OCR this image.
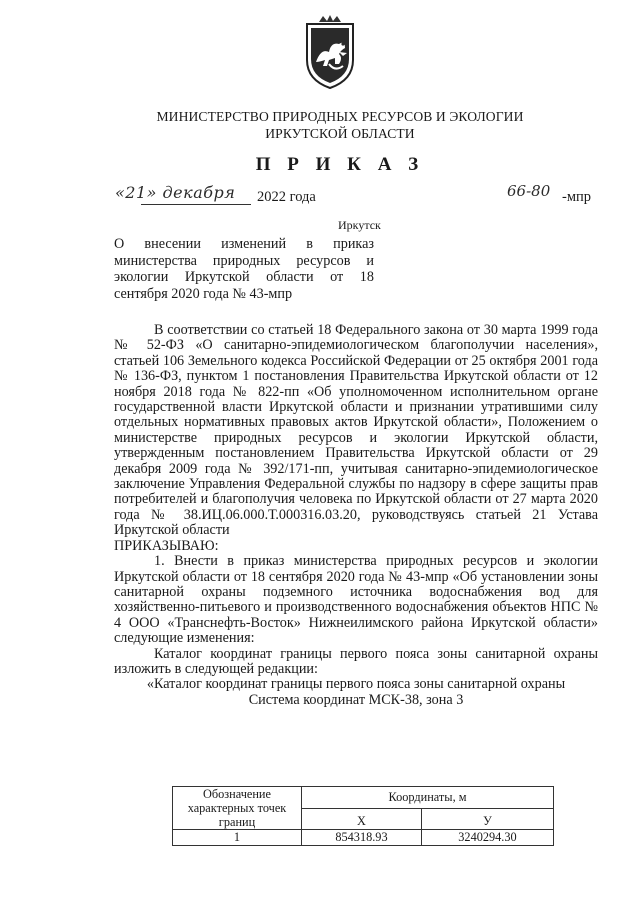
МИНИСТЕРСТВО ПРИРОДНЫХ РЕСУРСОВ И ЭКОЛОГИИ
ИРКУТСКОЙ ОБЛАСТИ
П Р И К А З
«21» декабря 2022 года	66-80 -мпр
Иркутск
О внесении изменений в приказ министерства природных ресурсов и экологии Иркутской области от 18 сентября 2020 года № 43-мпр

В соответствии со статьей 18 Федерального закона от 30 марта 1999 года № 52-ФЗ «О санитарно-эпидемиологическом благополучии населения», статьей 106 Земельного кодекса Российской Федерации от 25 октября 2001 года № 136-ФЗ, пунктом 1 постановления Правительства Иркутской области от 12 ноября 2018 года № 822-пп «Об уполномоченном исполнительном органе государственной власти Иркутской области и признании утратившими силу отдельных нормативных правовых актов Иркутской области», Положением о министерстве природных ресурсов и экологии Иркутской области, утвержденным постановлением Правительства Иркутской области от 29 декабря 2009 года № 392/171-пп, учитывая санитарно-эпидемиологическое заключение Управления Федеральной службы по надзору в сфере защиты прав потребителей и благополучия человека по Иркутской области от 27 марта 2020 года № 38.ИЦ.06.000.Т.000316.03.20, руководствуясь статьей 21 Устава Иркутской области

ПРИКАЗЫВАЮ:

1. Внести в приказ министерства природных ресурсов и экологии Иркутской области от 18 сентября 2020 года № 43-мпр «Об установлении зоны санитарной охраны подземного источника водоснабжения вод для хозяйственно-питьевого и производственного водоснабжения объектов НПС № 4 ООО «Транснефть-Восток» Нижнеилимского района Иркутской области» следующие изменения:

Каталог координат границы первого пояса зоны санитарной охраны изложить в следующей редакции:

«Каталог координат границы первого пояса зоны санитарной охраны

Система координат МСК-38, зона 3

Обозначение характерных точек границ	Координаты, м	
	X	У
1	854318.93	3240294.30
